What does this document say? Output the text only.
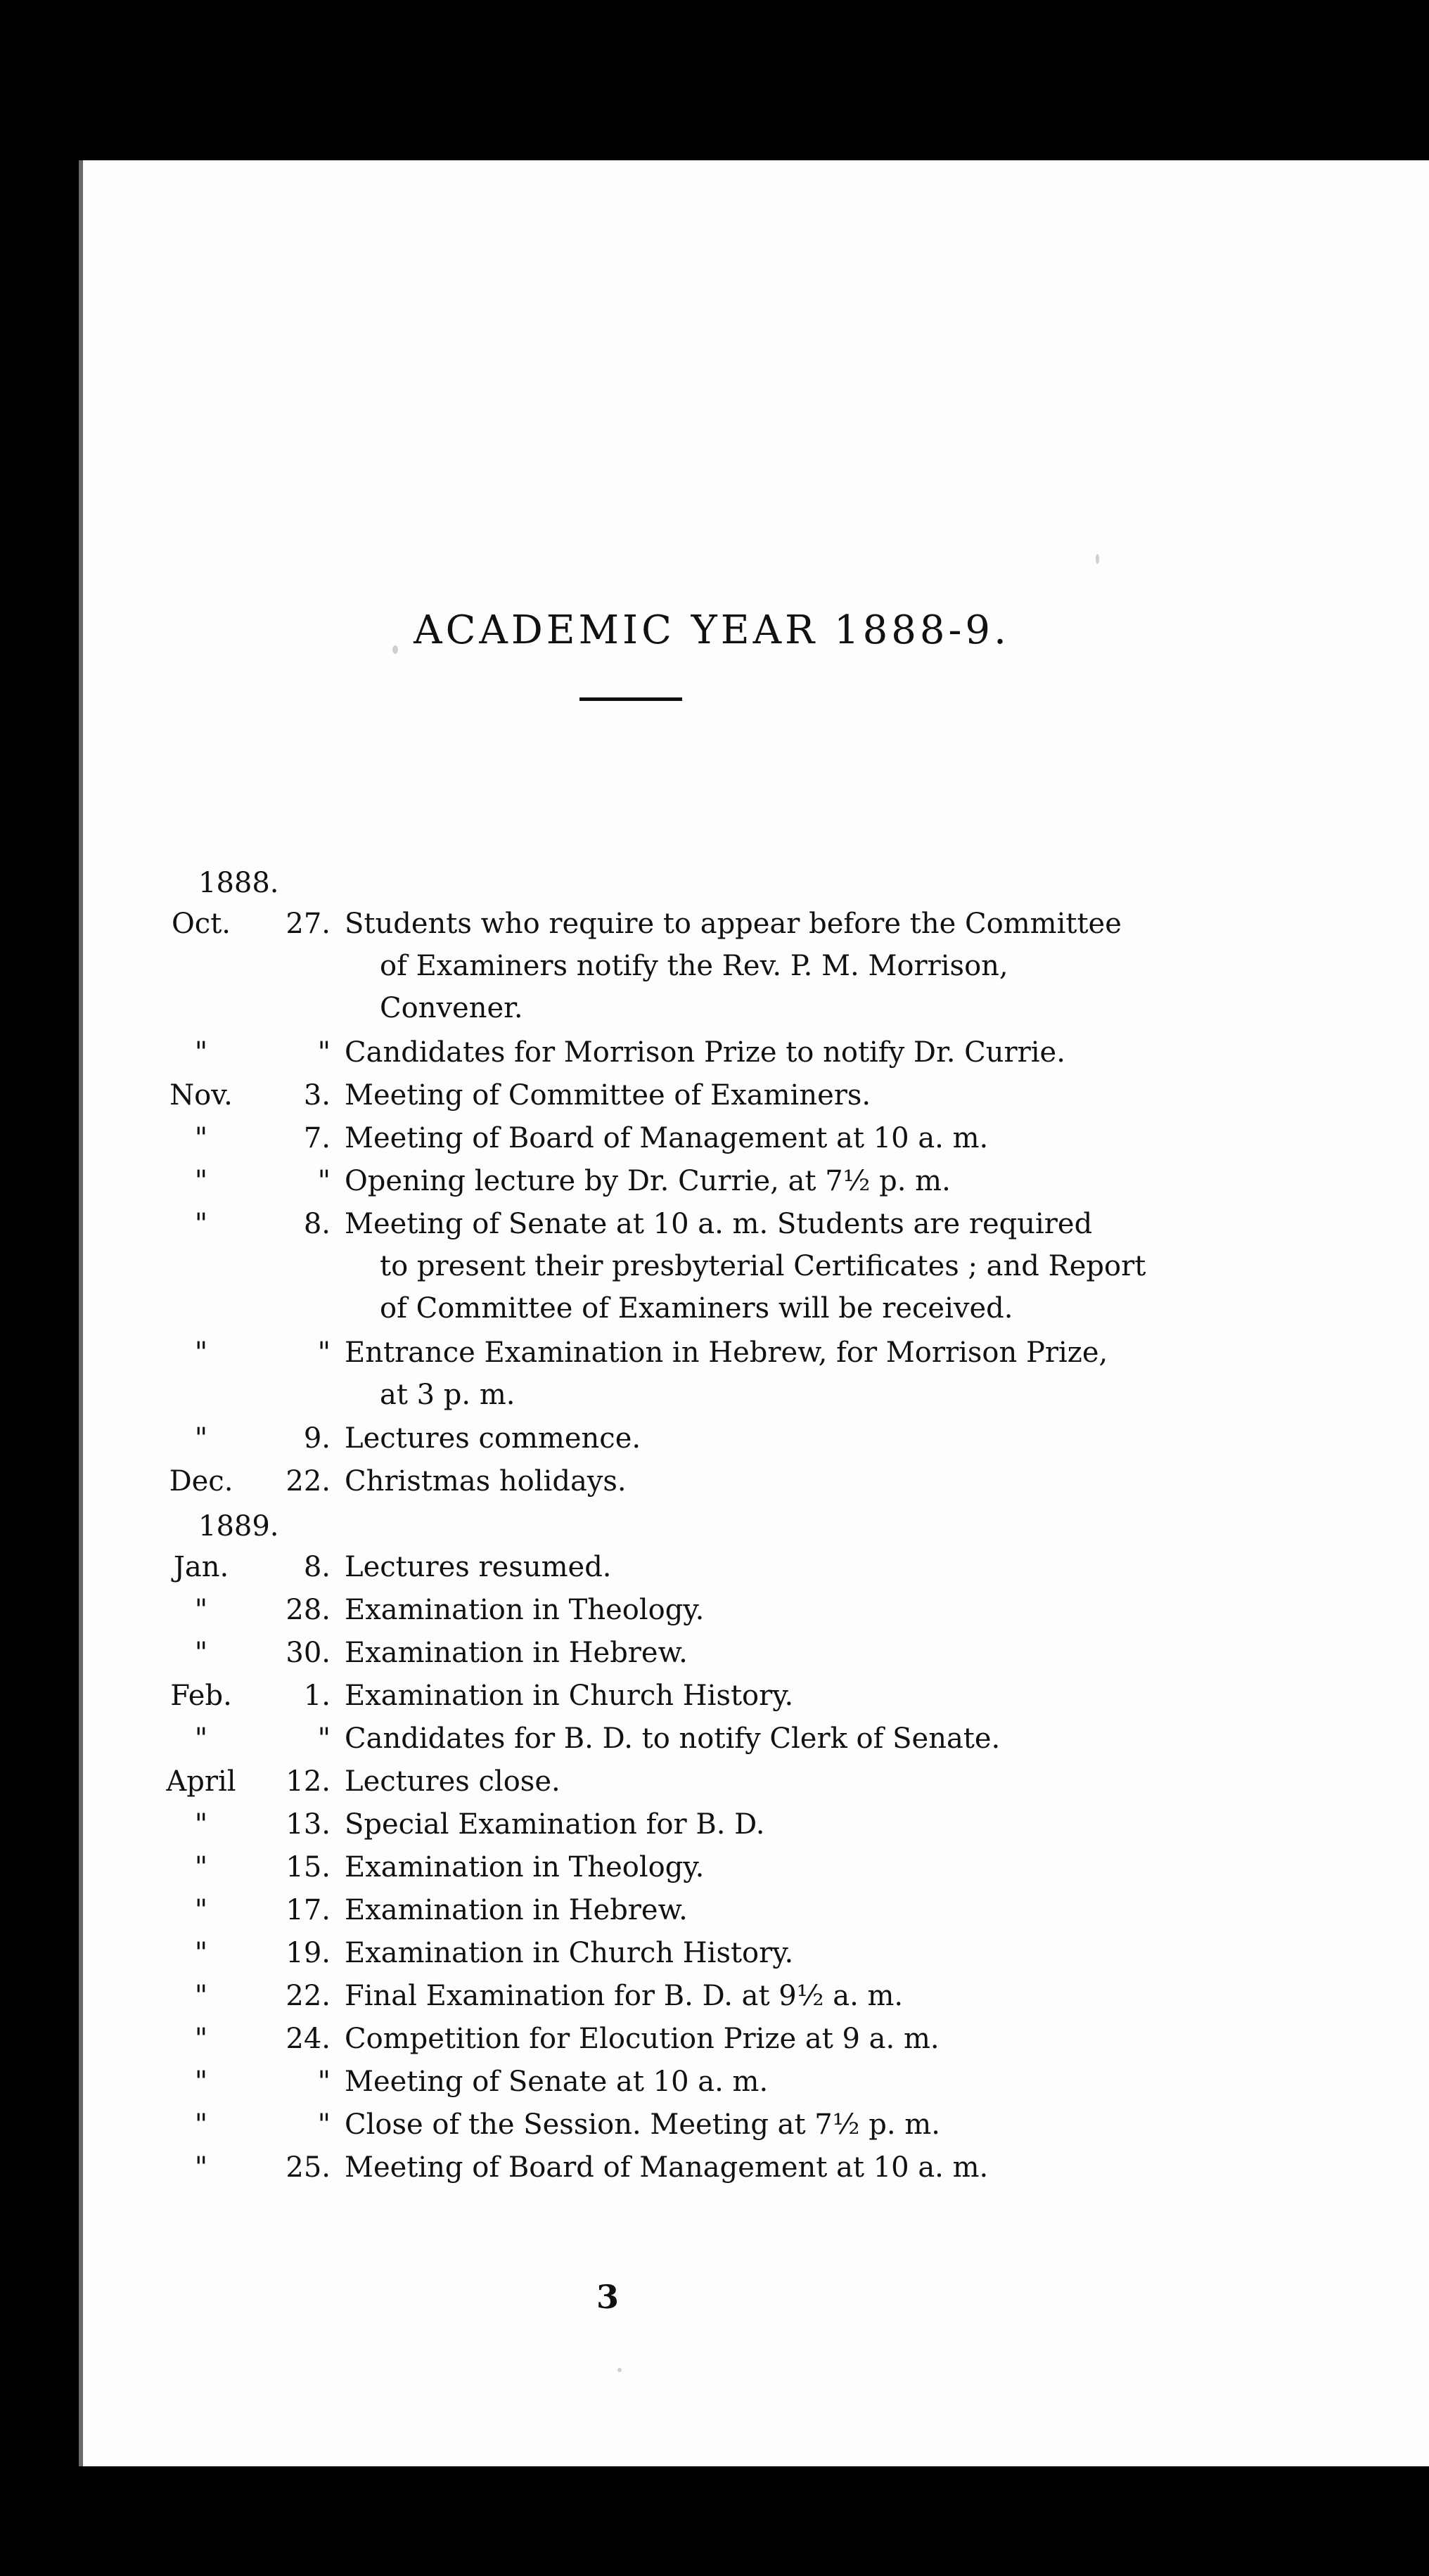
ACADEMIC YEAR 1888-9.
1888.
Oct.	27. Students who require to appear before the Committee
of Examiners notify the Rev. P. M. Morrison,
Convener.
"	" Candidates for Morrison Prize to notify Dr. Currie.
Nov.	3. Meeting of Committee of Examiners.
"	7. Meeting of Board of Management at 10 a. m.
"	" Opening lecture by Dr. Currie, at 7½ p. m.
"	8. Meeting of Senate at 10 a. m. Students are required
to present their presbyterial Certificates ; and Report
of Committee of Examiners will be received.
"	" Entrance Examination in Hebrew, for Morrison Prize,
at 3 p. m.
"	9. Lectures commence.
Dec.	22. Christmas holidays.
1889.
Jan.	8. Lectures resumed.
"	28. Examination in Theology.
"	30. Examination in Hebrew.
Feb.	1. Examination in Church History.
"	" Candidates for B. D. to notify Clerk of Senate.
April	12. Lectures close.
"	13. Special Examination for B. D.
"	15. Examination in Theology.
"	17. Examination in Hebrew.
"	19. Examination in Church History.
"	22. Final Examination for B. D. at 9½ a. m.
"	24. Competition for Elocution Prize at 9 a. m.
"	" Meeting of Senate at 10 a. m.
"	" Close of the Session. Meeting at 7½ p. m.
"	25. Meeting of Board of Management at 10 a. m.
3
